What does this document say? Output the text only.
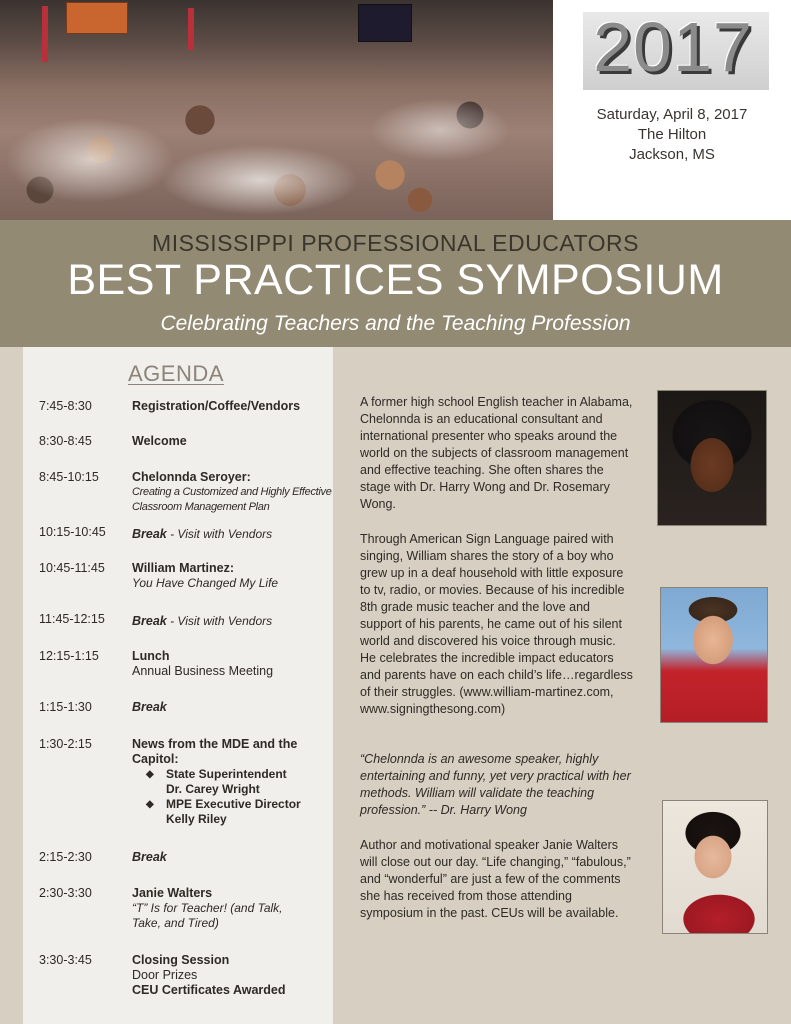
2017
Saturday, April 8, 2017
The Hilton
Jackson, MS
MISSISSIPPI PROFESSIONAL EDUCATORS
BEST PRACTICES SYMPOSIUM
Celebrating Teachers and the Teaching Profession
AGENDA
7:45-8:30	Registration/Coffee/Vendors
8:30-8:45	Welcome
8:45-10:15	Chelonnda Seroyer:
Creating a Customized and Highly Effective Classroom Management Plan
10:15-10:45 Break - Visit with Vendors
10:45-11:45 William Martinez:
You Have Changed My Life
11:45-12:15 Break - Visit with Vendors
12:15-1:15	Lunch
Annual Business Meeting
1:15-1:30	Break
1:30-2:15	News from the MDE and the Capitol:
◆ State Superintendent
Dr. Carey Wright
◆ MPE Executive Director
Kelly Riley
2:15-2:30	Break
2:30-3:30	Janie Walters
“T” Is for Teacher! (and Talk, Take, and Tired)
3:30-3:45	Closing Session
Door Prizes
CEU Certificates Awarded
A former high school English teacher in Alabama, Chelonnda is an educational consultant and international presenter who speaks around the world on the subjects of classroom management and effective teaching. She often shares the stage with Dr. Harry Wong and Dr. Rosemary Wong.
Through American Sign Language paired with singing, William shares the story of a boy who grew up in a deaf household with little exposure to tv, radio, or movies. Because of his incredible 8th grade music teacher and the love and support of his parents, he came out of his silent world and discovered his voice through music. He celebrates the incredible impact educators and parents have on each child’s life…regardless of their struggles. (www.william-martinez.com, www.signingthesong.com)
“Chelonnda is an awesome speaker, highly entertaining and funny, yet very practical with her methods. William will validate the teaching profession.” -- Dr. Harry Wong
Author and motivational speaker Janie Walters will close out our day. “Life changing,” “fabulous,” and “wonderful” are just a few of the comments she has received from those attending symposium in the past. CEUs will be available.
